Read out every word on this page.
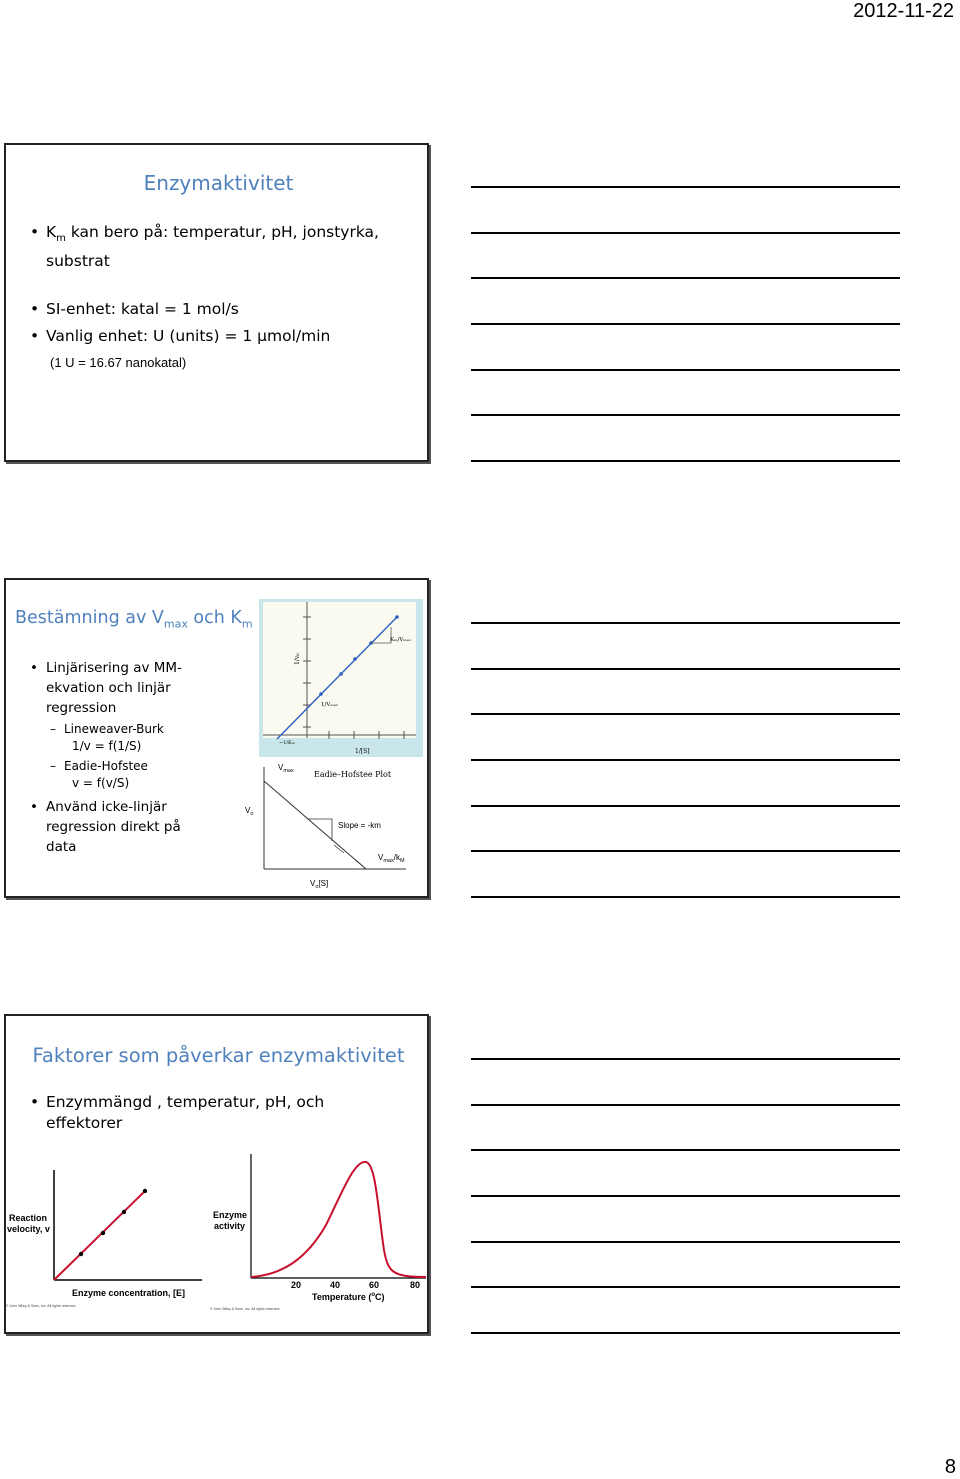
2012-11-22
8
Enzymaktivitet
• $K_m$ kan bero på: temperatur, pH, jonstyrka,
substrat
• SI-enhet: katal = 1 mol/s
• Vanlig enhet: U (units) = 1 µmol/min
(1 U = 16.67 nanokatal)
Bestämning av $V_{max}$ och $K_m$
• Linjärisering av MM-
ekvation och linjär
regression
– Lineweaver-Burk
1/v = f(1/S)
– Eadie-Hofstee
v = f(v/S)
• Använd icke-linjär
regression direkt på
data
1/v₀
1/[S]
Kₘ/Vₘₐₓ
1/Vₘₐₓ
−1/Kₘ
$V_{max}$	Eadie–Hofstee Plot
$V_o$
Slope = -km
$V_{max}/k_M$
$V_o[S]$
Faktorer som påverkar enzymaktivitet
• Enzymmängd , temperatur, pH, och
effektorer
Reaction
velocity, v
Enzyme concentration, [E]
© John Wiley & Sons, Inc. All rights reserved.
Enzyme
activity
20	40	60	80
Temperature ($^o$C)
© John Wiley & Sons, Inc. All rights reserved.
